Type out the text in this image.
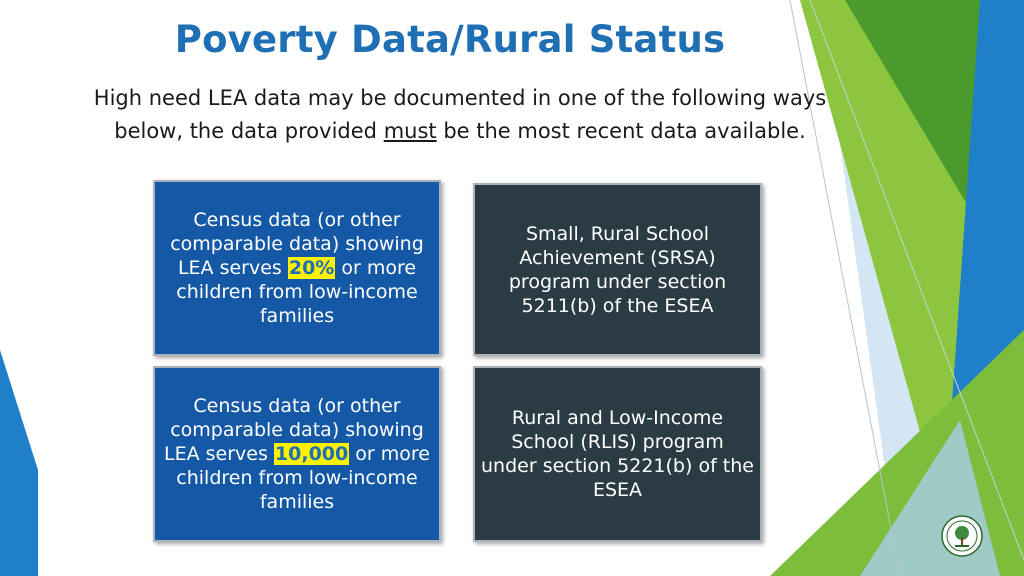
Poverty Data/Rural Status
High need LEA data may be documented in one of the following ways below, the data provided must be the most recent data available.
Census data (or other comparable data) showing LEA serves 20% or more children from low-income families
Small, Rural School Achievement (SRSA) program under section 5211(b) of the ESEA
Census data (or other comparable data) showing LEA serves 10,000 or more children from low-income families
Rural and Low-Income School (RLIS) program under section 5221(b) of the ESEA
